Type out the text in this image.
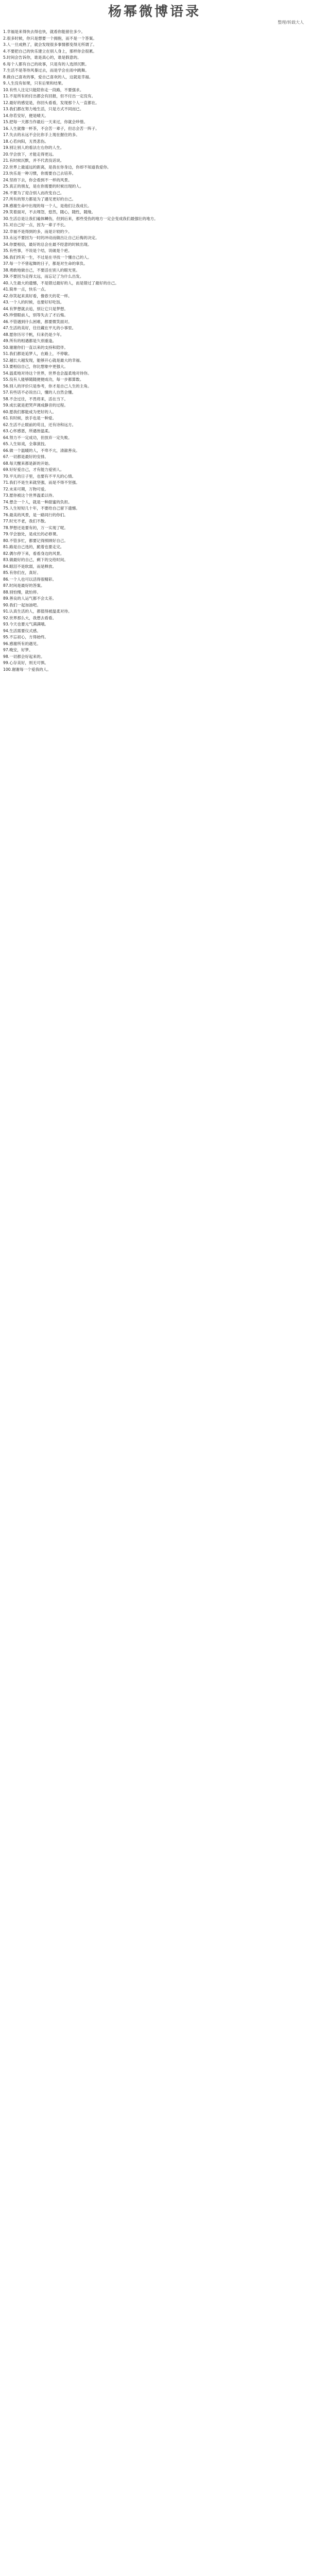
杨幂微博语录
整理/转载大人
1.幸福是来得快去得也快，就看你能留住多少。
2.很多时候，你只是想要一个拥抱，而不是一个答案。
3.人一旦成熟了，就会发现很多事情都变得无所谓了。
4.不要把自己的快乐建立在别人身上，那样你会很累。
5.时间会告诉你，谁是真心的，谁是假意的。
6.每个人都有自己的故事，只是有的人选择沉默。
7.生活不是等待风暴过去，而是学会在雨中跳舞。
8.做自己喜欢的事，爱自己喜欢的人，这就是幸福。
9.人生没有如果，只有后果和结果。
10.有些人注定只能陪你走一段路，不要强求。
11.不是所有的付出都会有回报，但不付出一定没有。
12.最好的感觉是，你回头看看，发现那个人一直都在。
13.我们都在努力地生活，只是方式不同而已。
14.你若安好，便是晴天。
15.把每一天都当作最后一天来过，你就会珍惜。
16.人生就像一杯茶，不会苦一辈子，但总会苦一阵子。
17.失去的永远不会比你手上现在握住的多。
18.心若向阳，无畏悲伤。
19.别让别人的看法左右你的人生。
20.学会放下，才能走得更远。
21.有时候沉默，并不代表没话说。
22.世界上最遥远的距离，是我在你身边，你却不知道我爱你。
23.快乐是一种习惯，你需要自己去培养。
24.坚持下去，你会看到不一样的风景。
25.真正的朋友，是在你需要的时候出现的人。
26.不要为了迎合别人而改变自己。
27.所有的努力都是为了遇见更好的自己。
28.感谢生命中出现的每一个人，是他们让我成长。
29.笑着面对，不去埋怨，悠然，随心，随性，随缘。
30.生活总是让我们遍体鳞伤，但到后来，那些受伤的地方一定会变成我们最强壮的地方。
31.对自己好一点，因为一辈子不长。
32.幸福不是得到的多，而是计较的少。
33.永远不要因为一时的冲动而做出让自己后悔的决定。
34.你要相信，最好的总会在最不经意的时候出现。
35.有些事，不说是个结，说破是个疤。
36.我们终其一生，不过是在寻找一个懂自己的人。
37.每一个不曾起舞的日子，都是对生命的辜负。
38.勇敢地做自己，不要活在别人的眼光里。
39.不要因为走得太远，而忘记了为什么出发。
40.人生最大的遗憾，不是错过最好的人，而是错过了最好的自己。
41.简单一点，快乐一点。
42.你笑起来真好看，像春天的花一样。
43.一个人的时候，也要好好吃饭。
44.有梦想就去追，别让它只是梦想。
45.珍惜眼前人，别等失去了才后悔。
46.不管遇到什么困难，都要微笑面对。
47.生活的美好，往往藏在平凡的小事里。
48.愿你历尽千帆，归来仍是少年。
49.所有的相遇都是久别重逢。
50.谢谢你们一直以来的支持和陪伴。
51.我们都是追梦人，在路上，不停歇。
52.越长大越发现，能够开心就是最大的幸福。
53.要相信自己，你比想象中更强大。
54.温柔地对待这个世界，世界也会温柔地对待你。
55.没有人能够随随便便成功，每一步都算数。
56.别人的评价只是参考，你才是自己人生的主角。
57.有些话不必说出口，懂的人自然会懂。
58.不念过往，不畏将来，活在当下。
59.成长就是把哭声调成静音的过程。
60.愿我们都能成为更好的人。
61.有时候，放手也是一种爱。
62.生活不止眼前的苟且，还有诗和远方。
63.心怀感恩，所遇皆温柔。
64.努力不一定成功，但放弃一定失败。
65.人生如戏，全靠演技。
66.做一个温暖的人，不卑不亢，清澈善良。
67.一切都是最好的安排。
68.每天醒来都是新的开始。
69.好好爱自己，才有能力爱别人。
70.平凡的日子里，也要有不平凡的心情。
71.我们不是生来就坚强，而是不得不坚强。
72.未来可期，万物可爱。
73.愿你被这个世界温柔以待。
74.想念一个人，就是一种甜蜜的负担。
75.人生短短几十年，不要给自己留下遗憾。
76.最美的风景，是一路同行的你们。
77.时光不老，我们不散。
78.梦想还是要有的，万一实现了呢。
79.学会独处，是成长的必修课。
80.不管多忙，都要记得照顾好自己。
81.路是自己选的，跪着也要走完。
82.偶尔停下来，看看身边的风景。
83.做最好的自己，剩下的交给时间。
84.眼泪不是软弱，而是释放。
85.有你们在，真好。
86.一个人也可以活得很精彩。
87.时间是最好的答案。
88.别怕慢，就怕停。
89.善良的人运气都不会太差。
90.我们一起加油吧。
91.认真生活的人，都值得被温柔对待。
92.世界那么大，我想去看看。
93.今天也要元气满满哦。
94.生活需要仪式感。
95.不忘初心，方得始终。
96.感谢所有的遇见。
97.晚安，好梦。
98.一切都会好起来的。
99.心存美好，则无可惧。
100.谢谢每一个爱我的人。
